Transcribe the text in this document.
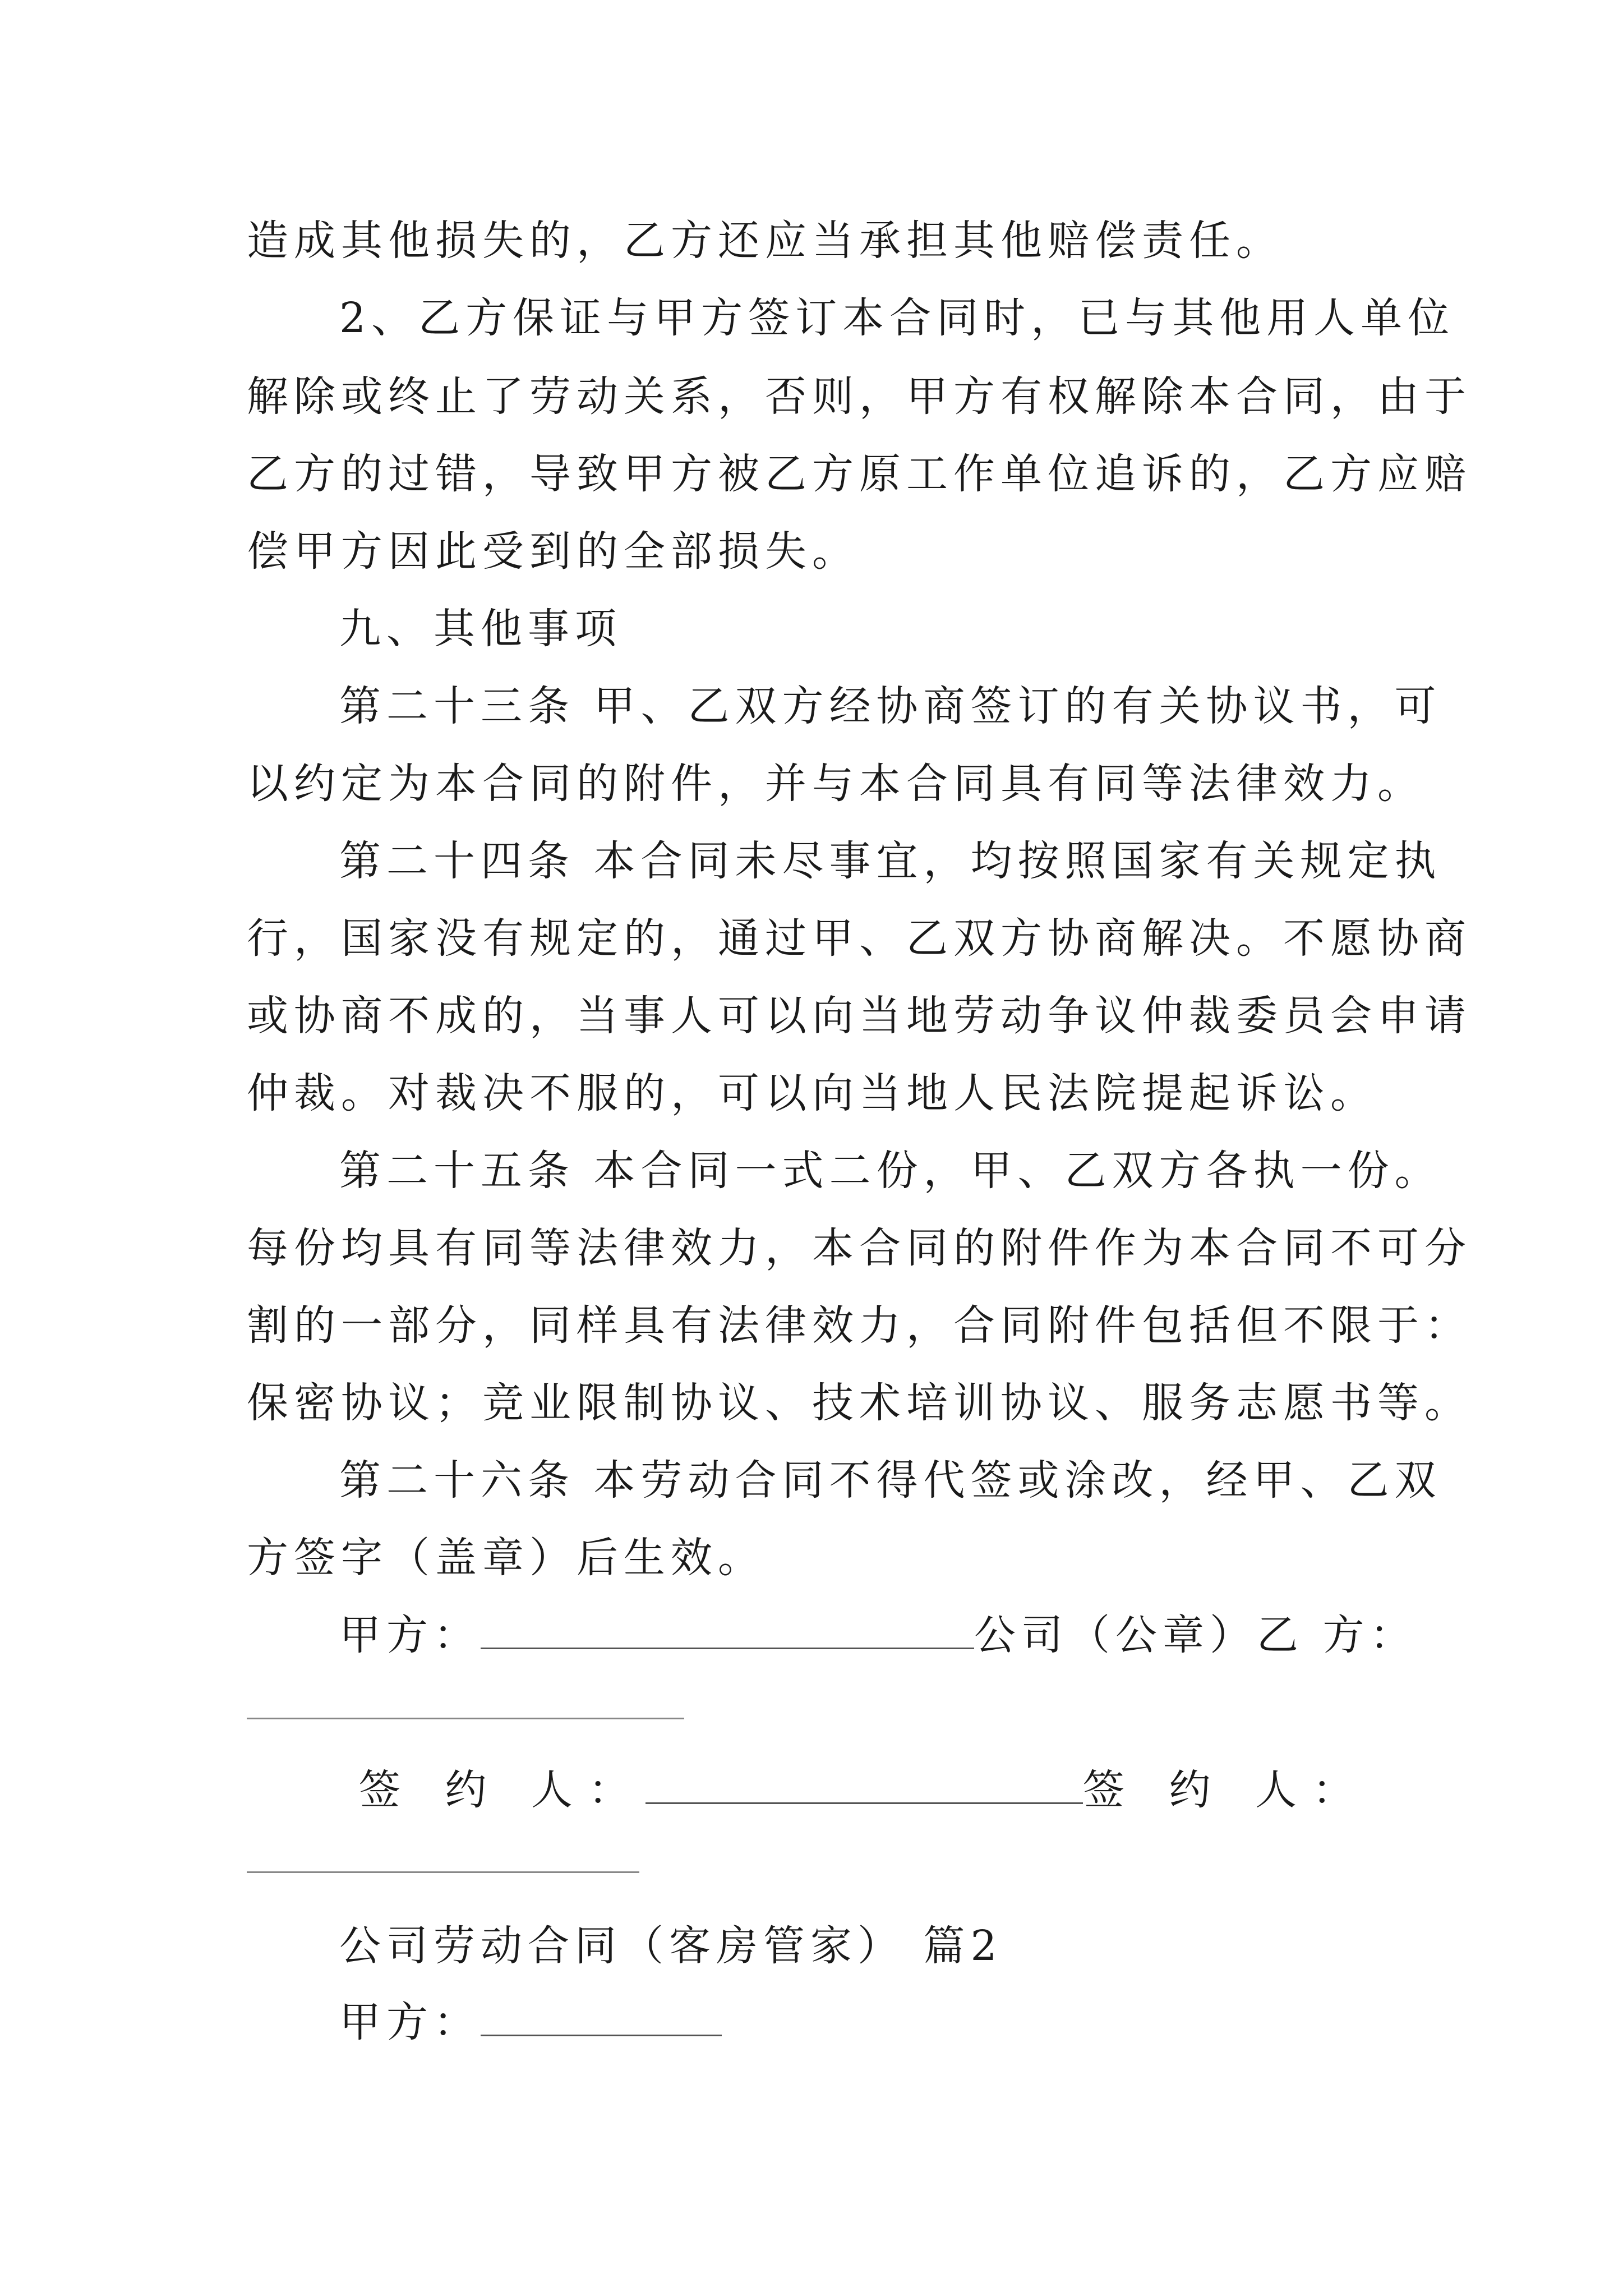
造成其他损失的，乙方还应当承担其他赔偿责任。
2、乙方保证与甲方签订本合同时，已与其他用人单位
解除或终止了劳动关系，否则，甲方有权解除本合同，由于
乙方的过错，导致甲方被乙方原工作单位追诉的，乙方应赔
偿甲方因此受到的全部损失。
九、其他事项
第二十三条 甲、乙双方经协商签订的有关协议书，可
以约定为本合同的附件，并与本合同具有同等法律效力。
第二十四条 本合同未尽事宜，均按照国家有关规定执
行，国家没有规定的，通过甲、乙双方协商解决。不愿协商
或协商不成的，当事人可以向当地劳动争议仲裁委员会申请
仲裁。对裁决不服的，可以向当地人民法院提起诉讼。
第二十五条 本合同一式二份，甲、乙双方各执一份。
每份均具有同等法律效力，本合同的附件作为本合同不可分
割的一部分，同样具有法律效力，合同附件包括但不限于：
保密协议；竞业限制协议、技术培训协议、服务志愿书等。
第二十六条 本劳动合同不得代签或涂改，经甲、乙双
方签字（盖章）后生效。
甲方：	公司（公章）乙 方：
签 约 人：	签 约 人：
公司劳动合同（客房管家） 篇2
甲方：
